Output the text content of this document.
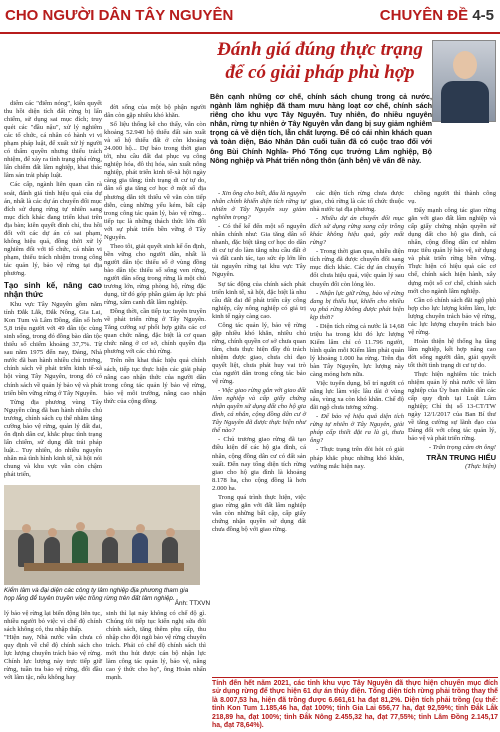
CHO NGƯỜI DÂN TÂY NGUYÊN	CHUYÊN ĐỀ 4-5
Đánh giá đúng thực trạng để có giải pháp phù hợp
Bên cạnh những cơ chế, chính sách chung trong cả nước, ngành lâm nghiệp đã tham mưu hàng loạt cơ chế, chính sách riêng cho khu vực Tây Nguyên. Tuy nhiên, đo nhiều nguyên nhân, rừng tự nhiên ở Tây Nguyên vẫn đang bị suy giảm nghiêm trọng cả về diện tích, lẫn chất lượng. Để có cái nhìn khách quan và toàn diện, Báo Nhân Dân cuối tuần đã có cuộc trao đổi với ông Bùi Chính Nghĩa- Phó Tổng cục trưởng Lâm nghiệp, Bộ Nông nghiệp và Phát triển nông thôn (ảnh bên) về vấn đề này.

diểm các "điểm nóng", kiên quyết thu hồi diện tích đất rừng bị lấn chiếm, sử dụng sai mục đích; truy quét các "đầu nậu", xử lý nghiêm các tổ chức, cá nhân có hành vi vi phạm pháp luật, để xuất xử lý người có thẩm quyền nhưng thiếu trách nhiệm, để xảy ra tình trạng phá rừng, lấn chiếm đất lâm nghiệp, khai thác lâm sản trái pháp luật.

Các cấp, ngành liên quan cần rà soát, đánh giá tính hiệu quả của dự án, nhất là các dự án chuyển đổi mục đích sử dụng rừng tự nhiên sang mục đích khác đang triển khai trên địa bàn; kiên quyết đình chỉ, thu hồi đối với các dự án có sai phạm, không hiệu quả, đồng thời xử lý nghiêm đối với tổ chức, cá nhân vi phạm, thiếu trách nhiệm trong công tác quản lý, bảo vệ rừng tại địa phương.

Tạo sinh kế, nâng cao nhận thức

Khu vực Tây Nguyên gồm năm tỉnh Đắk Lắk, Đắk Nông, Gia Lai, Kon Tum và Lâm Đồng, dân số hơn 5,8 triệu người với 49 dân tộc cùng sinh sống, trong đó đồng bào dân tộc thiểu số chiếm khoảng 37,7%. Từ sau năm 1975 đến nay, Đảng, Nhà nước đã ban hành nhiều chủ trương, chính sách về phát triển kinh tế-xã hội vùng Tây Nguyên, trong đó có chính sách về quản lý bảo vệ và phát triển bền vững rừng ở Tây Nguyên.

Từng địa phương vùng Tây Nguyên cũng đã ban hành nhiều chủ trương, chính sách cụ thể nhằm tăng cường bảo vệ rừng, quản lý đất đai, ổn định dân cư, khắc phục tình trạng lấn chiếm, sử dụng đất trái pháp luật... Tuy nhiên, do nhiều nguyên nhân mà tình hình kinh tế, xã hội nói chung và khu vực vẫn còn chậm phát triển,

đời sống của một bộ phận người dân còn gặp nhiều khó khăn.

Số liệu thống kê cho thấy, vẫn còn khoảng 52.940 hộ thiếu đất sản xuất và số hộ thiếu đất ở còn khoảng 24.000 hộ... Dự báo trong thời gian tới, nhu cầu đất đai phục vụ công nghiệp hóa, đô thị hóa, sản xuất nông nghiệp, phát triển kinh tế-xã hội ngày càng gia tăng; tình trạng di cư tự do, dân số gia tăng cơ học ở một số địa phương dẫn tới thiếu về văn còn tiếp diễn, cùng những yếu kém, bất cập trong công tác quản lý, bảo vệ rừng... tiếp tục là những thách thức lớn đối với sự phát triển bền vững ở Tây Nguyên.

Theo tôi, giải quyết sinh kế ổn định, bền vững cho người dân, nhất là người dân tộc thiểu số ở vùng đồng bào dân tộc thiểu số sống ven rừng, người dân sống trong rừng là một chủ trương lớn, rừng phòng hộ, rừng đặc dụng, từ đó góp phần giảm áp lực phá rừng, xâm canh đất lâm nghiệp.

Đồng thời, cần tiếp tục tuyên truyền về phát triển rừng ở Tây Nguyên. Tăng cường sự phối hợp giữa các cơ quan chức năng, đặc biệt là cơ quan chức năng ở cơ sở, chính quyền địa phương với các chủ rừng.

Trên nền khai thác hiệu quả chính sách, tiếp tục thực hiện các giải pháp nâng cao nhận thức của người dân trong công tác quản lý bảo vệ rừng, bảo vệ môi trường, nâng cao nhận thức của cộng đồng.

- Xin ông cho biết, đâu là nguyên nhân chính khiến diện tích rừng tự nhiên ở Tây Nguyên suy giảm nghiêm trọng?

- Có thể kể đến một số nguyên nhân chính như: Gia tăng dân số nhanh, đặc biệt tăng cơ học do dân di cư tự do làm tăng nhu cầu đất ở và đất canh tác, tạo sức ép lớn lên tài nguyên rừng tại khu vực Tây Nguyên.

Sự tác động của chính sách phát triển kinh tế, xã hội, đặc biệt là nhu cầu đất đai để phát triển cây công nghiệp, cây nông nghiệp có giá trị kinh tế ngày càng cao.

Công tác quản lý, bảo vệ rừng gặp nhiều khó khăn, nhiều chủ rừng, chính quyền cơ sở chưa quan tâm, chưa thực hiện đầy đủ trách nhiệm được giao, chưa chỉ đạo quyết liệt, chưa phát huy vai trò của người dân trong công tác bảo vệ rừng.

- Việc giao rừng gắn với giao đất lâm nghiệp và cấp giấy chứng nhận quyền sử dụng đất cho hộ gia đình, cá nhân, cộng đồng dân cư ở Tây Nguyên đã được thực hiện như thế nào?

- Chủ trương giao rừng đã tạo điều kiện để các hộ gia đình, cá nhân, cộng đồng dân cư có đất sản xuất. Đến nay tổng diện tích rừng giao cho hộ gia đình là khoảng 8.178 ha, cho cộng đồng là hơn 2.000 ha.

Trong quá trình thực hiện, việc giao rừng gắn với đất lâm nghiệp vẫn còn những bất cập, cấp giấy chứng nhận quyền sử dụng đất chưa đồng bộ với giao rừng.

các diện tích rừng chưa được giao, chủ rừng là các tổ chức thuộc nhà nước tại địa phương.

- Nhiều dự án chuyển đổi mục đích sử dụng rừng sang cây trồng khác không hiệu quả, gây mất rừng?

- Trong thời gian qua, nhiều diện tích rừng đã được chuyển đổi sang mục đích khác. Các dự án chuyển đổi chưa hiệu quả, việc quản lý sau chuyển đổi còn lỏng lẻo.

- Nhận lực giữ rừng, bảo vệ rừng đang bị thiếu hụt, khiến cho nhiều vụ phá rừng không được phát hiện kịp thời?

- Diện tích rừng cả nước là 14,68 triệu ha trong khi đó lực lượng Kiểm lâm chỉ có 11.796 người, bình quân mỗi Kiểm lâm phải quản lý khoảng 1.000 ha rừng. Trên địa bàn Tây Nguyên, lực lượng này càng mỏng hơn nữa.

Việc tuyển dụng, bố trí người có năng lực làm việc lâu dài ở vùng sâu, vùng xa còn khó khăn. Chế độ đãi ngộ chưa tương xứng.

- Để bảo vệ hiệu quả diện tích rừng tự nhiên ở Tây Nguyên, giải pháp cấp thiết đặt ra là gì, thưa ông?

- Thực trạng trên đòi hỏi có giải pháp khắc phục những khó khăn, vướng mắc hiện nay.

chồng người thì thành công vụ.

Đẩy mạnh công tác giao rừng gắn với giao đất lâm nghiệp và cấp giấy chứng nhận quyền sử dụng đất cho hộ gia đình, cá nhân, cộng đồng dân cư nhằm mục tiêu quản lý bảo vệ, sử dụng và phát triển rừng bền vững. Thực hiện có hiệu quả các cơ chế, chính sách hiện hành, xây dựng một số cơ chế, chính sách mới cho ngành lâm nghiệp.

Cần có chính sách đãi ngộ phù hợp cho lực lượng kiểm lâm, lực lượng chuyên trách bảo vệ rừng, các lực lượng chuyên trách bảo vệ rừng.

Hoàn thiện hệ thống hạ tầng lâm nghiệp, kết hợp nâng cao đời sống người dân, giải quyết tốt thời tình trạng di cư tự do.

Thực hiện nghiêm túc trách nhiệm quản lý nhà nước về lâm nghiệp của Ủy ban nhân dân các cấp quy định tại Luật Lâm nghiệp; Chỉ thị số 13-CT/TW ngày 12/1/2017 của Ban Bí thư về tăng cường sự lãnh đạo của Đảng đối với công tác quản lý, bảo vệ và phát triển rừng.

- Trân trọng cảm ơn ông!

TRẦN TRUNG HIẾU

(Thực hiện)

Kiểm lâm và đại diện các công ty lâm nghiệp địa phương tham gia họp lắng để tuyên truyền việc trồng rừng trên đất lâm nghiệp.
Ảnh: TTXVN
lý bảo vệ rừng lại biến động liên tục, nhiều người bỏ việc vì chế độ chính sách không có, thu nhập thấp.
"Hiện nay, Nhà nước vẫn chưa có quy định về chế độ chính sách cho lực lượng chuyên trách bảo vệ rừng. Chính lực lượng này trực tiếp giữ rừng, tuần tra bảo vệ rừng, đối đầu với lâm tặc, nếu không hay
sinh thì lại nảy không có chế độ gì. Chúng tôi tiếp tục kiến nghị sửa đổi chính sách, tăng thêm phụ cấp, thu nhập cho đội ngũ bảo vệ rừng chuyên trách. Phải có chế độ chính sách thì mới thu hút được cán bộ nhận lực làm công tác quản lý, bảo vệ, nâng cao ý thức cho họ", ông Hoàn nhấn mạnh.
Tính đến hết năm 2021, các tỉnh khu vực Tây Nguyên đã thực hiện chuyển mục đích sử dụng rừng để thực hiện 61 dự án thủy điện. Tổng diện tích rừng phải trồng thay thế là 8.007,53 ha, hiện đã trồng được 6.661,61 ha đạt 81,2%. Diện tích phải trồng (cụ thể: tỉnh Kon Tum 1.185,46 ha, đạt 100%; tỉnh Gia Lai 656,77 ha, đạt 92,59%; tỉnh Đắk Lắk 218,89 ha, đạt 100%; tỉnh Đắk Nông 2.455,32 ha, đạt 77,55%; tỉnh Lâm Đồng 2.145,17 ha, đạt 78,64%).
